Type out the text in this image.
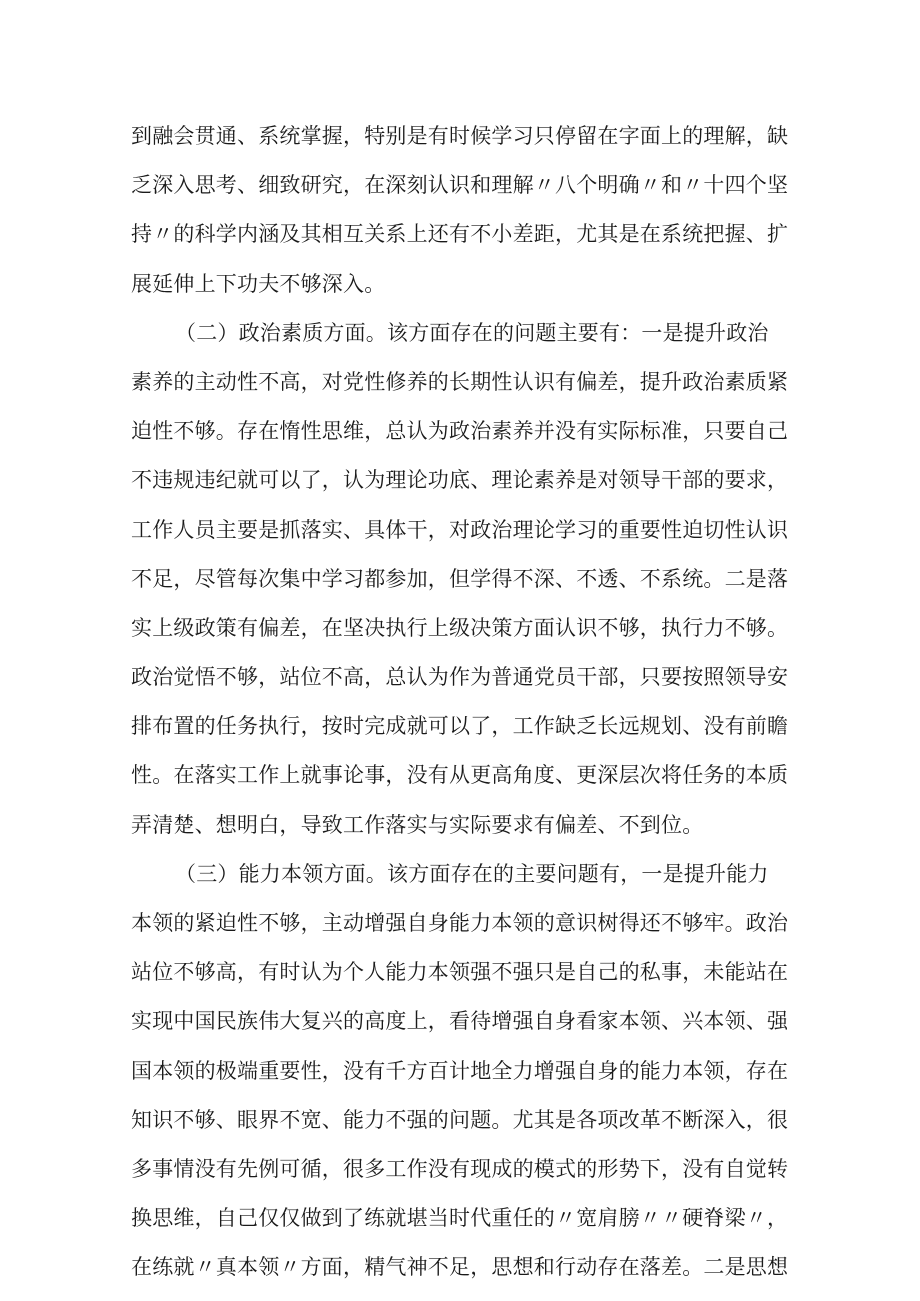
到融会贯通、系统掌握，特别是有时候学习只停留在字面上的理解，缺
乏深入思考、细致研究，在深刻认识和理解〃八个明确〃和〃十四个坚
持〃的科学内涵及其相互关系上还有不小差距，尤其是在系统把握、扩
展延伸上下功夫不够深入。
（二）政治素质方面。该方面存在的问题主要有：一是提升政治
素养的主动性不高，对党性修养的长期性认识有偏差，提升政治素质紧
迫性不够。存在惰性思维，总认为政治素养并没有实际标准，只要自己
不违规违纪就可以了，认为理论功底、理论素养是对领导干部的要求，
工作人员主要是抓落实、具体干，对政治理论学习的重要性迫切性认识
不足，尽管每次集中学习都参加，但学得不深、不透、不系统。二是落
实上级政策有偏差，在坚决执行上级决策方面认识不够，执行力不够。
政治觉悟不够，站位不高，总认为作为普通党员干部，只要按照领导安
排布置的任务执行，按时完成就可以了，工作缺乏长远规划、没有前瞻
性。在落实工作上就事论事，没有从更高角度、更深层次将任务的本质
弄清楚、想明白，导致工作落实与实际要求有偏差、不到位。
（三）能力本领方面。该方面存在的主要问题有，一是提升能力
本领的紧迫性不够，主动增强自身能力本领的意识树得还不够牢。政治
站位不够高，有时认为个人能力本领强不强只是自己的私事，未能站在
实现中国民族伟大复兴的高度上，看待增强自身看家本领、兴本领、强
国本领的极端重要性，没有千方百计地全力增强自身的能力本领，存在
知识不够、眼界不宽、能力不强的问题。尤其是各项改革不断深入，很
多事情没有先例可循，很多工作没有现成的模式的形势下，没有自觉转
换思维，自己仅仅做到了练就堪当时代重任的〃宽肩膀〃〃硬脊梁〃，
在练就〃真本领〃方面，精气神不足，思想和行动存在落差。二是思想
